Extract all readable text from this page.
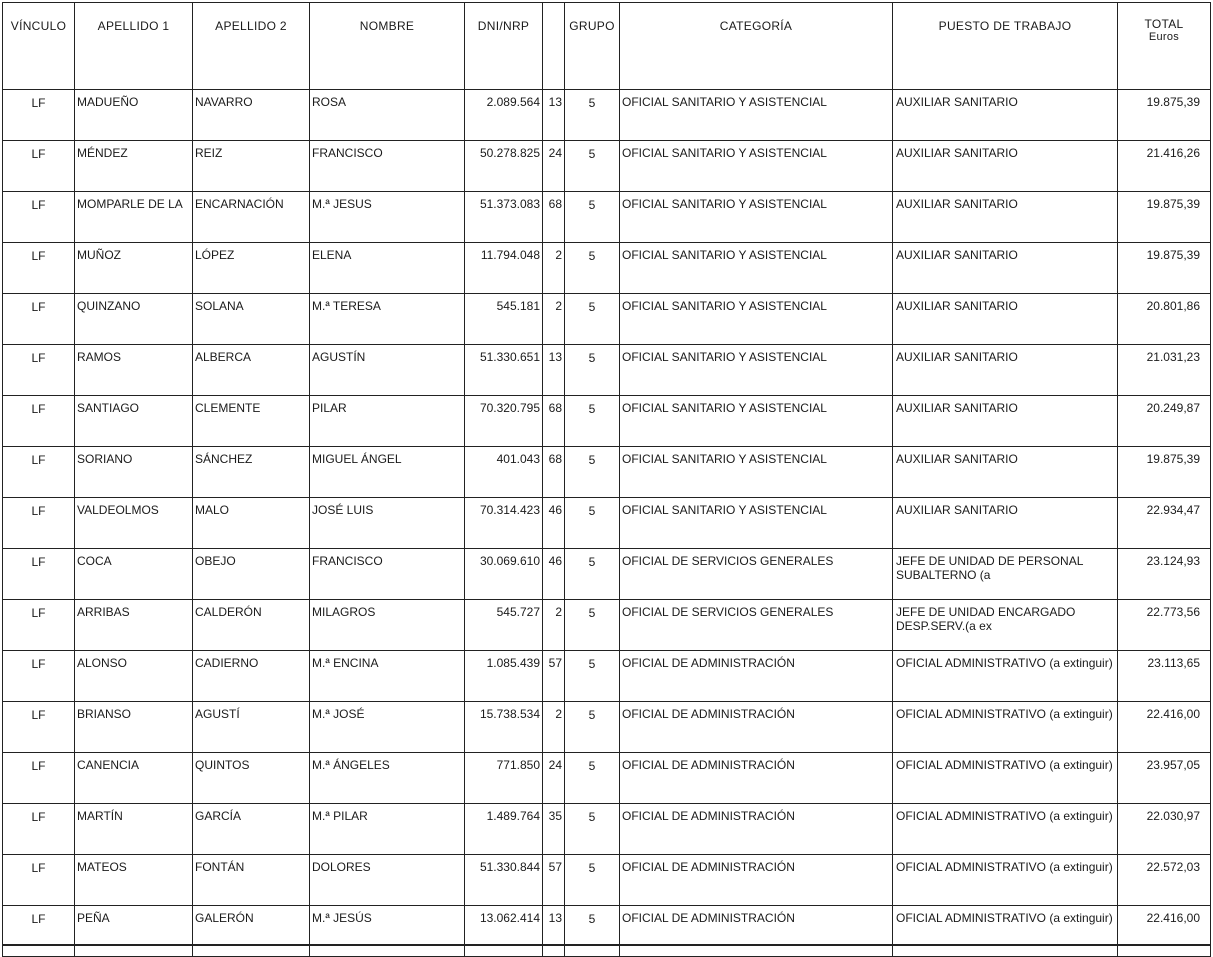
VÍNCULO	APELLIDO 1	APELLIDO 2	NOMBRE	DNI/NRP		GRUPO	CATEGORÍA	PUESTO DE TRABAJO	TOTAL
Euros

LF	MADUEÑO	NAVARRO	ROSA	2.089.564	13	5	OFICIAL SANITARIO Y ASISTENCIAL	AUXILIAR SANITARIO	19.875,39
LF	MÉNDEZ	REIZ	FRANCISCO	50.278.825	24	5	OFICIAL SANITARIO Y ASISTENCIAL	AUXILIAR SANITARIO	21.416,26
LF	MOMPARLE DE LA	ENCARNACIÓN	M.ª JESUS	51.373.083	68	5	OFICIAL SANITARIO Y ASISTENCIAL	AUXILIAR SANITARIO	19.875,39
LF	MUÑOZ	LÓPEZ	ELENA	11.794.048	2	5	OFICIAL SANITARIO Y ASISTENCIAL	AUXILIAR SANITARIO	19.875,39
LF	QUINZANO	SOLANA	M.ª TERESA	545.181	2	5	OFICIAL SANITARIO Y ASISTENCIAL	AUXILIAR SANITARIO	20.801,86
LF	RAMOS	ALBERCA	AGUSTÍN	51.330.651	13	5	OFICIAL SANITARIO Y ASISTENCIAL	AUXILIAR SANITARIO	21.031,23
LF	SANTIAGO	CLEMENTE	PILAR	70.320.795	68	5	OFICIAL SANITARIO Y ASISTENCIAL	AUXILIAR SANITARIO	20.249,87
LF	SORIANO	SÁNCHEZ	MIGUEL ÁNGEL	401.043	68	5	OFICIAL SANITARIO Y ASISTENCIAL	AUXILIAR SANITARIO	19.875,39
LF	VALDEOLMOS	MALO	JOSÉ LUIS	70.314.423	46	5	OFICIAL SANITARIO Y ASISTENCIAL	AUXILIAR SANITARIO	22.934,47
LF	COCA	OBEJO	FRANCISCO	30.069.610	46	5	OFICIAL DE SERVICIOS GENERALES	JEFE DE UNIDAD DE PERSONAL SUBALTERNO (a	23.124,93
LF	ARRIBAS	CALDERÓN	MILAGROS	545.727	2	5	OFICIAL DE SERVICIOS GENERALES	JEFE DE UNIDAD ENCARGADO DESP.SERV.(a ex	22.773,56
LF	ALONSO	CADIERNO	M.ª ENCINA	1.085.439	57	5	OFICIAL DE ADMINISTRACIÓN	OFICIAL ADMINISTRATIVO (a extinguir)	23.113,65
LF	BRIANSO	AGUSTÍ	M.ª JOSÉ	15.738.534	2	5	OFICIAL DE ADMINISTRACIÓN	OFICIAL ADMINISTRATIVO (a extinguir)	22.416,00
LF	CANENCIA	QUINTOS	M.ª ÁNGELES	771.850	24	5	OFICIAL DE ADMINISTRACIÓN	OFICIAL ADMINISTRATIVO (a extinguir)	23.957,05
LF	MARTÍN	GARCÍA	M.ª PILAR	1.489.764	35	5	OFICIAL DE ADMINISTRACIÓN	OFICIAL ADMINISTRATIVO (a extinguir)	22.030,97
LF	MATEOS	FONTÁN	DOLORES	51.330.844	57	5	OFICIAL DE ADMINISTRACIÓN	OFICIAL ADMINISTRATIVO (a extinguir)	22.572,03
LF	PEÑA	GALERÓN	M.ª JESÚS	13.062.414	13	5	OFICIAL DE ADMINISTRACIÓN	OFICIAL ADMINISTRATIVO (a extinguir)	22.416,00
